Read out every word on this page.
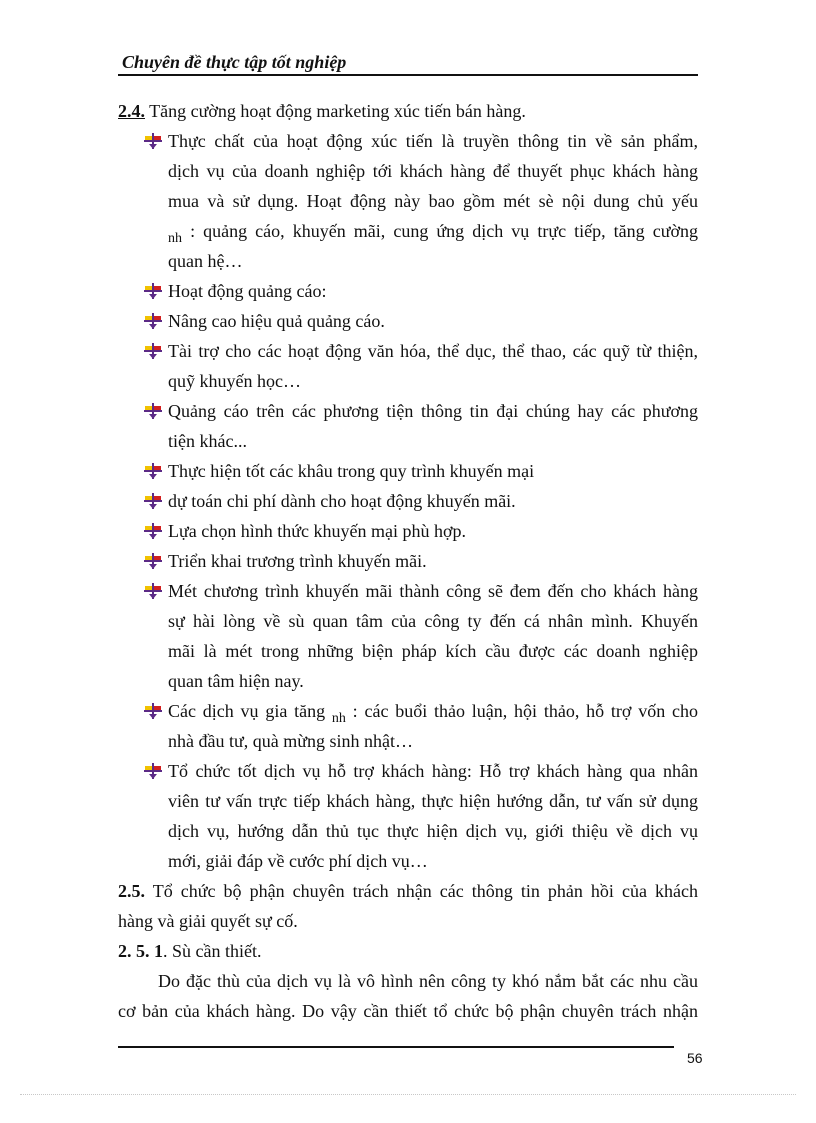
Chuyên đề thực tập tốt nghiệp
2.4. Tăng cường hoạt động marketing xúc tiến bán hàng.
Thực chất của hoạt động xúc tiến là truyền thông tin về sản phẩm,
dịch vụ của doanh nghiệp tới khách hàng để thuyết phục khách hàng
mua và sử dụng. Hoạt động này bao gồm mét sè nội dung chủ yếu
$_{nh}$ : quảng cáo, khuyến mãi, cung ứng dịch vụ trực tiếp, tăng cường
quan hệ…
Hoạt động quảng cáo:
Nâng cao hiệu quả quảng cáo.
Tài trợ cho các hoạt động văn hóa, thể dục, thể thao, các quỹ từ thiện,
quỹ khuyến học…
Quảng cáo trên các phương tiện thông tin đại chúng hay các phương
tiện khác...
Thực hiện tốt các khâu trong quy trình khuyến mại
dự toán chi phí dành cho hoạt động khuyến mãi.
Lựa chọn hình thức khuyến mại phù hợp.
Triển khai trương trình khuyến mãi.
Mét chương trình khuyến mãi thành công sẽ đem đến cho khách hàng
sự hài lòng về sù quan tâm của công ty đến cá nhân mình. Khuyến
mãi là mét trong những biện pháp kích cầu được các doanh nghiệp
quan tâm hiện nay.
Các dịch vụ gia tăng $_{nh}$ : các buổi thảo luận, hội thảo, hỗ trợ vốn cho
nhà đầu tư, quà mừng sinh nhật…
Tổ chức tốt dịch vụ hỗ trợ khách hàng: Hỗ trợ khách hàng qua nhân
viên tư vấn trực tiếp khách hàng, thực hiện hướng dẫn, tư vấn sử dụng
dịch vụ, hướng dẫn thủ tục thực hiện dịch vụ, giới thiệu về dịch vụ
mới, giải đáp về cước phí dịch vụ…
2.5. Tổ chức bộ phận chuyên trách nhận các thông tin phản hồi của khách
hàng và giải quyết sự cố.
2. 5. 1. Sù cần thiết.
Do đặc thù của dịch vụ là vô hình nên công ty khó nắm bắt các nhu cầu
cơ bản của khách hàng. Do vậy cần thiết tổ chức bộ phận chuyên trách nhận
56
